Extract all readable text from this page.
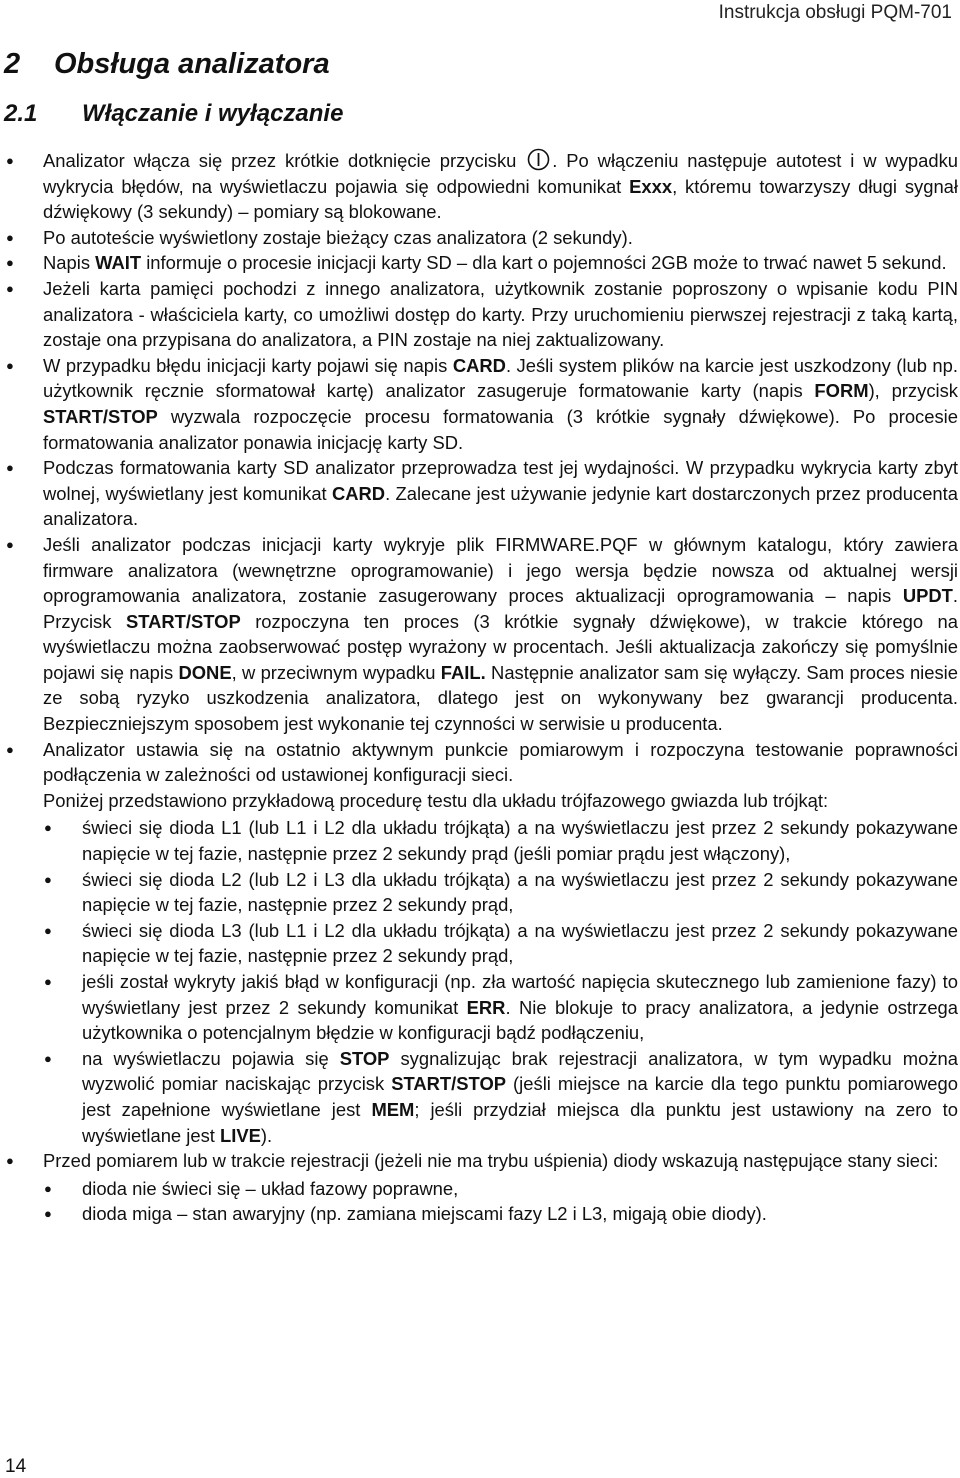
Instrukcja obsługi PQM-701
2 Obsługa analizatora
2.1 Włączanie i wyłączanie
● Analizator włącza się przez krótkie dotknięcie przycisku . Po włączeniu następuje autotest i w wypadku wykrycia błędów, na wyświetlaczu pojawia się odpowiedni komunikat Exxx, któremu towarzyszy długi sygnał dźwiękowy (3 sekundy) – pomiary są blokowane.
● Po autoteście wyświetlony zostaje bieżący czas analizatora (2 sekundy).
● Napis WAIT informuje o procesie inicjacji karty SD – dla kart o pojemności 2GB może to trwać nawet 5 sekund.
● Jeżeli karta pamięci pochodzi z innego analizatora, użytkownik zostanie poproszony o wpisanie kodu PIN analizatora - właściciela karty, co umożliwi dostęp do karty. Przy uruchomieniu pierwszej rejestracji z taką kartą, zostaje ona przypisana do analizatora, a PIN zostaje na niej zaktualizowany.
● W przypadku błędu inicjacji karty pojawi się napis CARD. Jeśli system plików na karcie jest uszkodzony (lub np. użytkownik ręcznie sformatował kartę) analizator zasugeruje formatowanie karty (napis FORM), przycisk START/STOP wyzwala rozpoczęcie procesu formatowania (3 krótkie sygnały dźwiękowe). Po procesie formatowania analizator ponawia inicjację karty SD.
● Podczas formatowania karty SD analizator przeprowadza test jej wydajności. W przypadku wykrycia karty zbyt wolnej, wyświetlany jest komunikat CARD. Zalecane jest używanie jedynie kart dostarczonych przez producenta analizatora.
● Jeśli analizator podczas inicjacji karty wykryje plik FIRMWARE.PQF w głównym katalogu, który zawiera firmware analizatora (wewnętrzne oprogramowanie) i jego wersja będzie nowsza od aktualnej wersji oprogramowania analizatora, zostanie zasugerowany proces aktualizacji oprogramowania – napis UPDT. Przycisk START/STOP rozpoczyna ten proces (3 krótkie sygnały dźwiękowe), w trakcie którego na wyświetlaczu można zaobserwować postęp wyrażony w procentach. Jeśli aktualizacja zakończy się pomyślnie pojawi się napis DONE, w przeciwnym wypadku FAIL. Następnie analizator sam się wyłączy. Sam proces niesie ze sobą ryzyko uszkodzenia analizatora, dlatego jest on wykonywany bez gwarancji producenta. Bezpieczniejszym sposobem jest wykonanie tej czynności w serwisie u producenta.
● Analizator ustawia się na ostatnio aktywnym punkcie pomiarowym i rozpoczyna testowanie poprawności podłączenia w zależności od ustawionej konfiguracji sieci.
Poniżej przedstawiono przykładową procedurę testu dla układu trójfazowego gwiazda lub trójkąt:
● świeci się dioda L1 (lub L1 i L2 dla układu trójkąta) a na wyświetlaczu jest przez 2 sekundy pokazywane napięcie w tej fazie, następnie przez 2 sekundy prąd (jeśli pomiar prądu jest włączony),
● świeci się dioda L2 (lub L2 i L3 dla układu trójkąta) a na wyświetlaczu jest przez 2 sekundy pokazywane napięcie w tej fazie, następnie przez 2 sekundy prąd,
● świeci się dioda L3 (lub L1 i L2 dla układu trójkąta) a na wyświetlaczu jest przez 2 sekundy pokazywane napięcie w tej fazie, następnie przez 2 sekundy prąd,
● jeśli został wykryty jakiś błąd w konfiguracji (np. zła wartość napięcia skutecznego lub zamienione fazy) to wyświetlany jest przez 2 sekundy komunikat ERR. Nie blokuje to pracy analizatora, a jedynie ostrzega użytkownika o potencjalnym błędzie w konfiguracji bądź podłączeniu,
● na wyświetlaczu pojawia się STOP sygnalizując brak rejestracji analizatora, w tym wypadku można wyzwolić pomiar naciskając przycisk START/STOP (jeśli miejsce na karcie dla tego punktu pomiarowego jest zapełnione wyświetlane jest MEM; jeśli przydział miejsca dla punktu jest ustawiony na zero to wyświetlane jest LIVE).
● Przed pomiarem lub w trakcie rejestracji (jeżeli nie ma trybu uśpienia) diody wskazują następujące stany sieci:
● dioda nie świeci się – układ fazowy poprawne,
● dioda miga – stan awaryjny (np. zamiana miejscami fazy L2 i L3, migają obie diody).
14
